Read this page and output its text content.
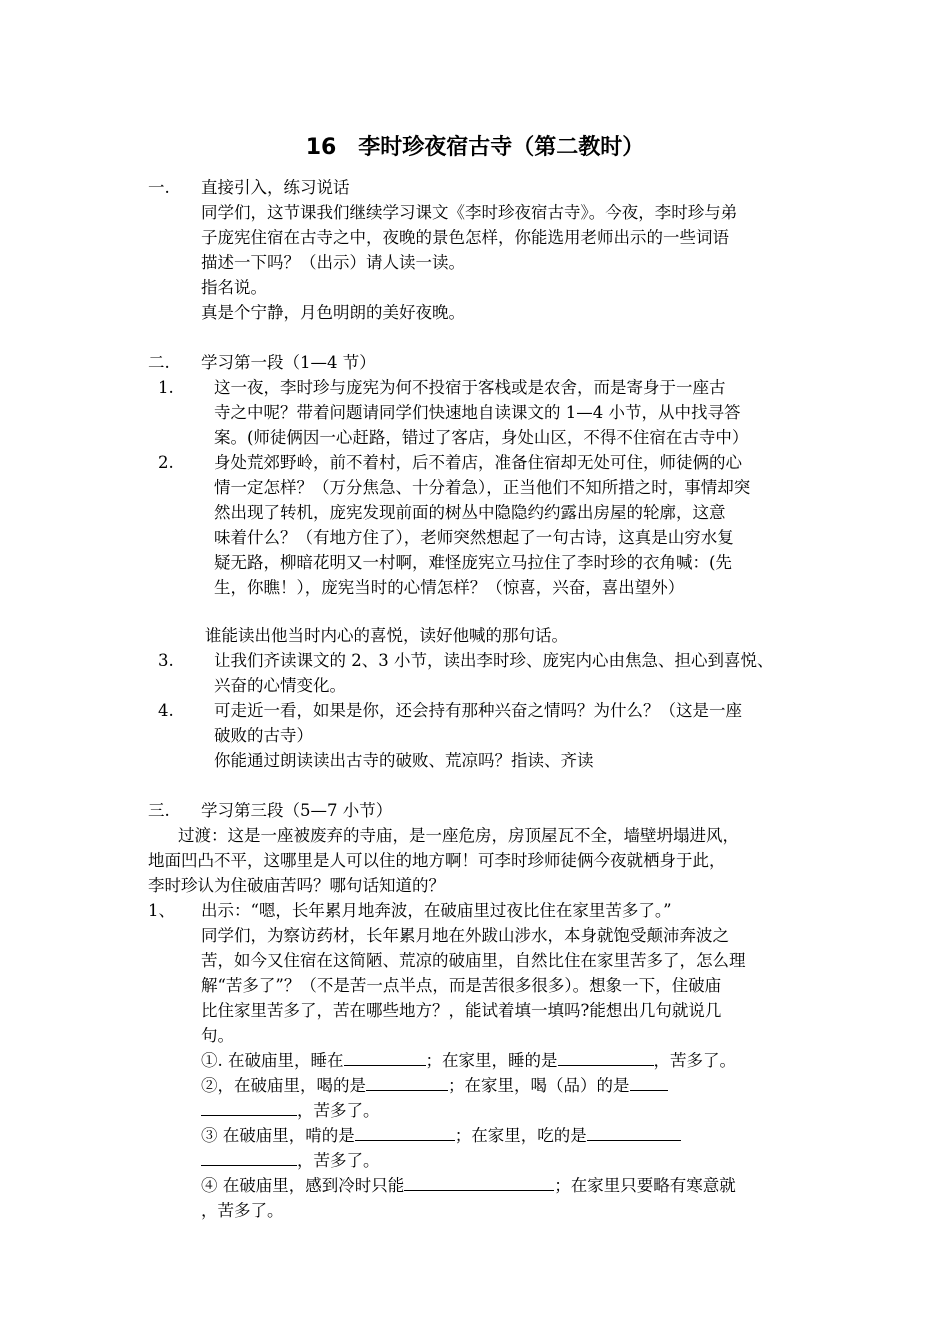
16　李时珍夜宿古寺（第二教时）
一. 直接引入，练习说话
同学们，这节课我们继续学习课文《李时珍夜宿古寺》。今夜，李时珍与弟
子庞宪住宿在古寺之中，夜晚的景色怎样，你能选用老师出示的一些词语
描述一下吗？（出示）请人读一读。
指名说。
真是个宁静，月色明朗的美好夜晚。
二. 学习第一段（1—4 节）
1. 这一夜，李时珍与庞宪为何不投宿于客栈或是农舍，而是寄身于一座古
寺之中呢？带着问题请同学们快速地自读课文的 1—4 小节，从中找寻答
案。(师徒俩因一心赶路，错过了客店，身处山区，不得不住宿在古寺中）
2. 身处荒郊野岭，前不着村，后不着店，准备住宿却无处可住，师徒俩的心
情一定怎样？（万分焦急、十分着急），正当他们不知所措之时，事情却突
然出现了转机，庞宪发现前面的树丛中隐隐约约露出房屋的轮廓，这意
味着什么？（有地方住了），老师突然想起了一句古诗，这真是山穷水复
疑无路，柳暗花明又一村啊，难怪庞宪立马拉住了李时珍的衣角喊：(先
生，你瞧！），庞宪当时的心情怎样？（惊喜，兴奋，喜出望外）
谁能读出他当时内心的喜悦，读好他喊的那句话。
3. 让我们齐读课文的 2、3 小节，读出李时珍、庞宪内心由焦急、担心到喜悦、
兴奋的心情变化。
4. 可走近一看，如果是你，还会持有那种兴奋之情吗？为什么？（这是一座
破败的古寺）
你能通过朗读读出古寺的破败、荒凉吗？指读、齐读
三. 学习第三段（5—7 小节）
过渡：这是一座被废弃的寺庙，是一座危房，房顶屋瓦不全，墙壁坍塌进风，
地面凹凸不平，这哪里是人可以住的地方啊！可李时珍师徒俩今夜就栖身于此，
李时珍认为住破庙苦吗？哪句话知道的？
1、 出示：“嗯，长年累月地奔波，在破庙里过夜比住在家里苦多了。”
同学们，为察访药材，长年累月地在外跋山涉水，本身就饱受颠沛奔波之
苦，如今又住宿在这简陋、荒凉的破庙里，自然比住在家里苦多了，怎么理
解“苦多了”？（不是苦一点半点，而是苦很多很多）。想象一下，住破庙
比住家里苦多了，苦在哪些地方？，能试着填一填吗?能想出几句就说几
句。
①. 在破庙里，睡在	；在家里，睡的是	，苦多了。
②，在破庙里，喝的是	；在家里，喝（品）的是
，苦多了。
③ 在破庙里，啃的是	；在家里，吃的是
，苦多了。
④ 在破庙里，感到冷时只能	；在家里只要略有寒意就
，苦多了。
